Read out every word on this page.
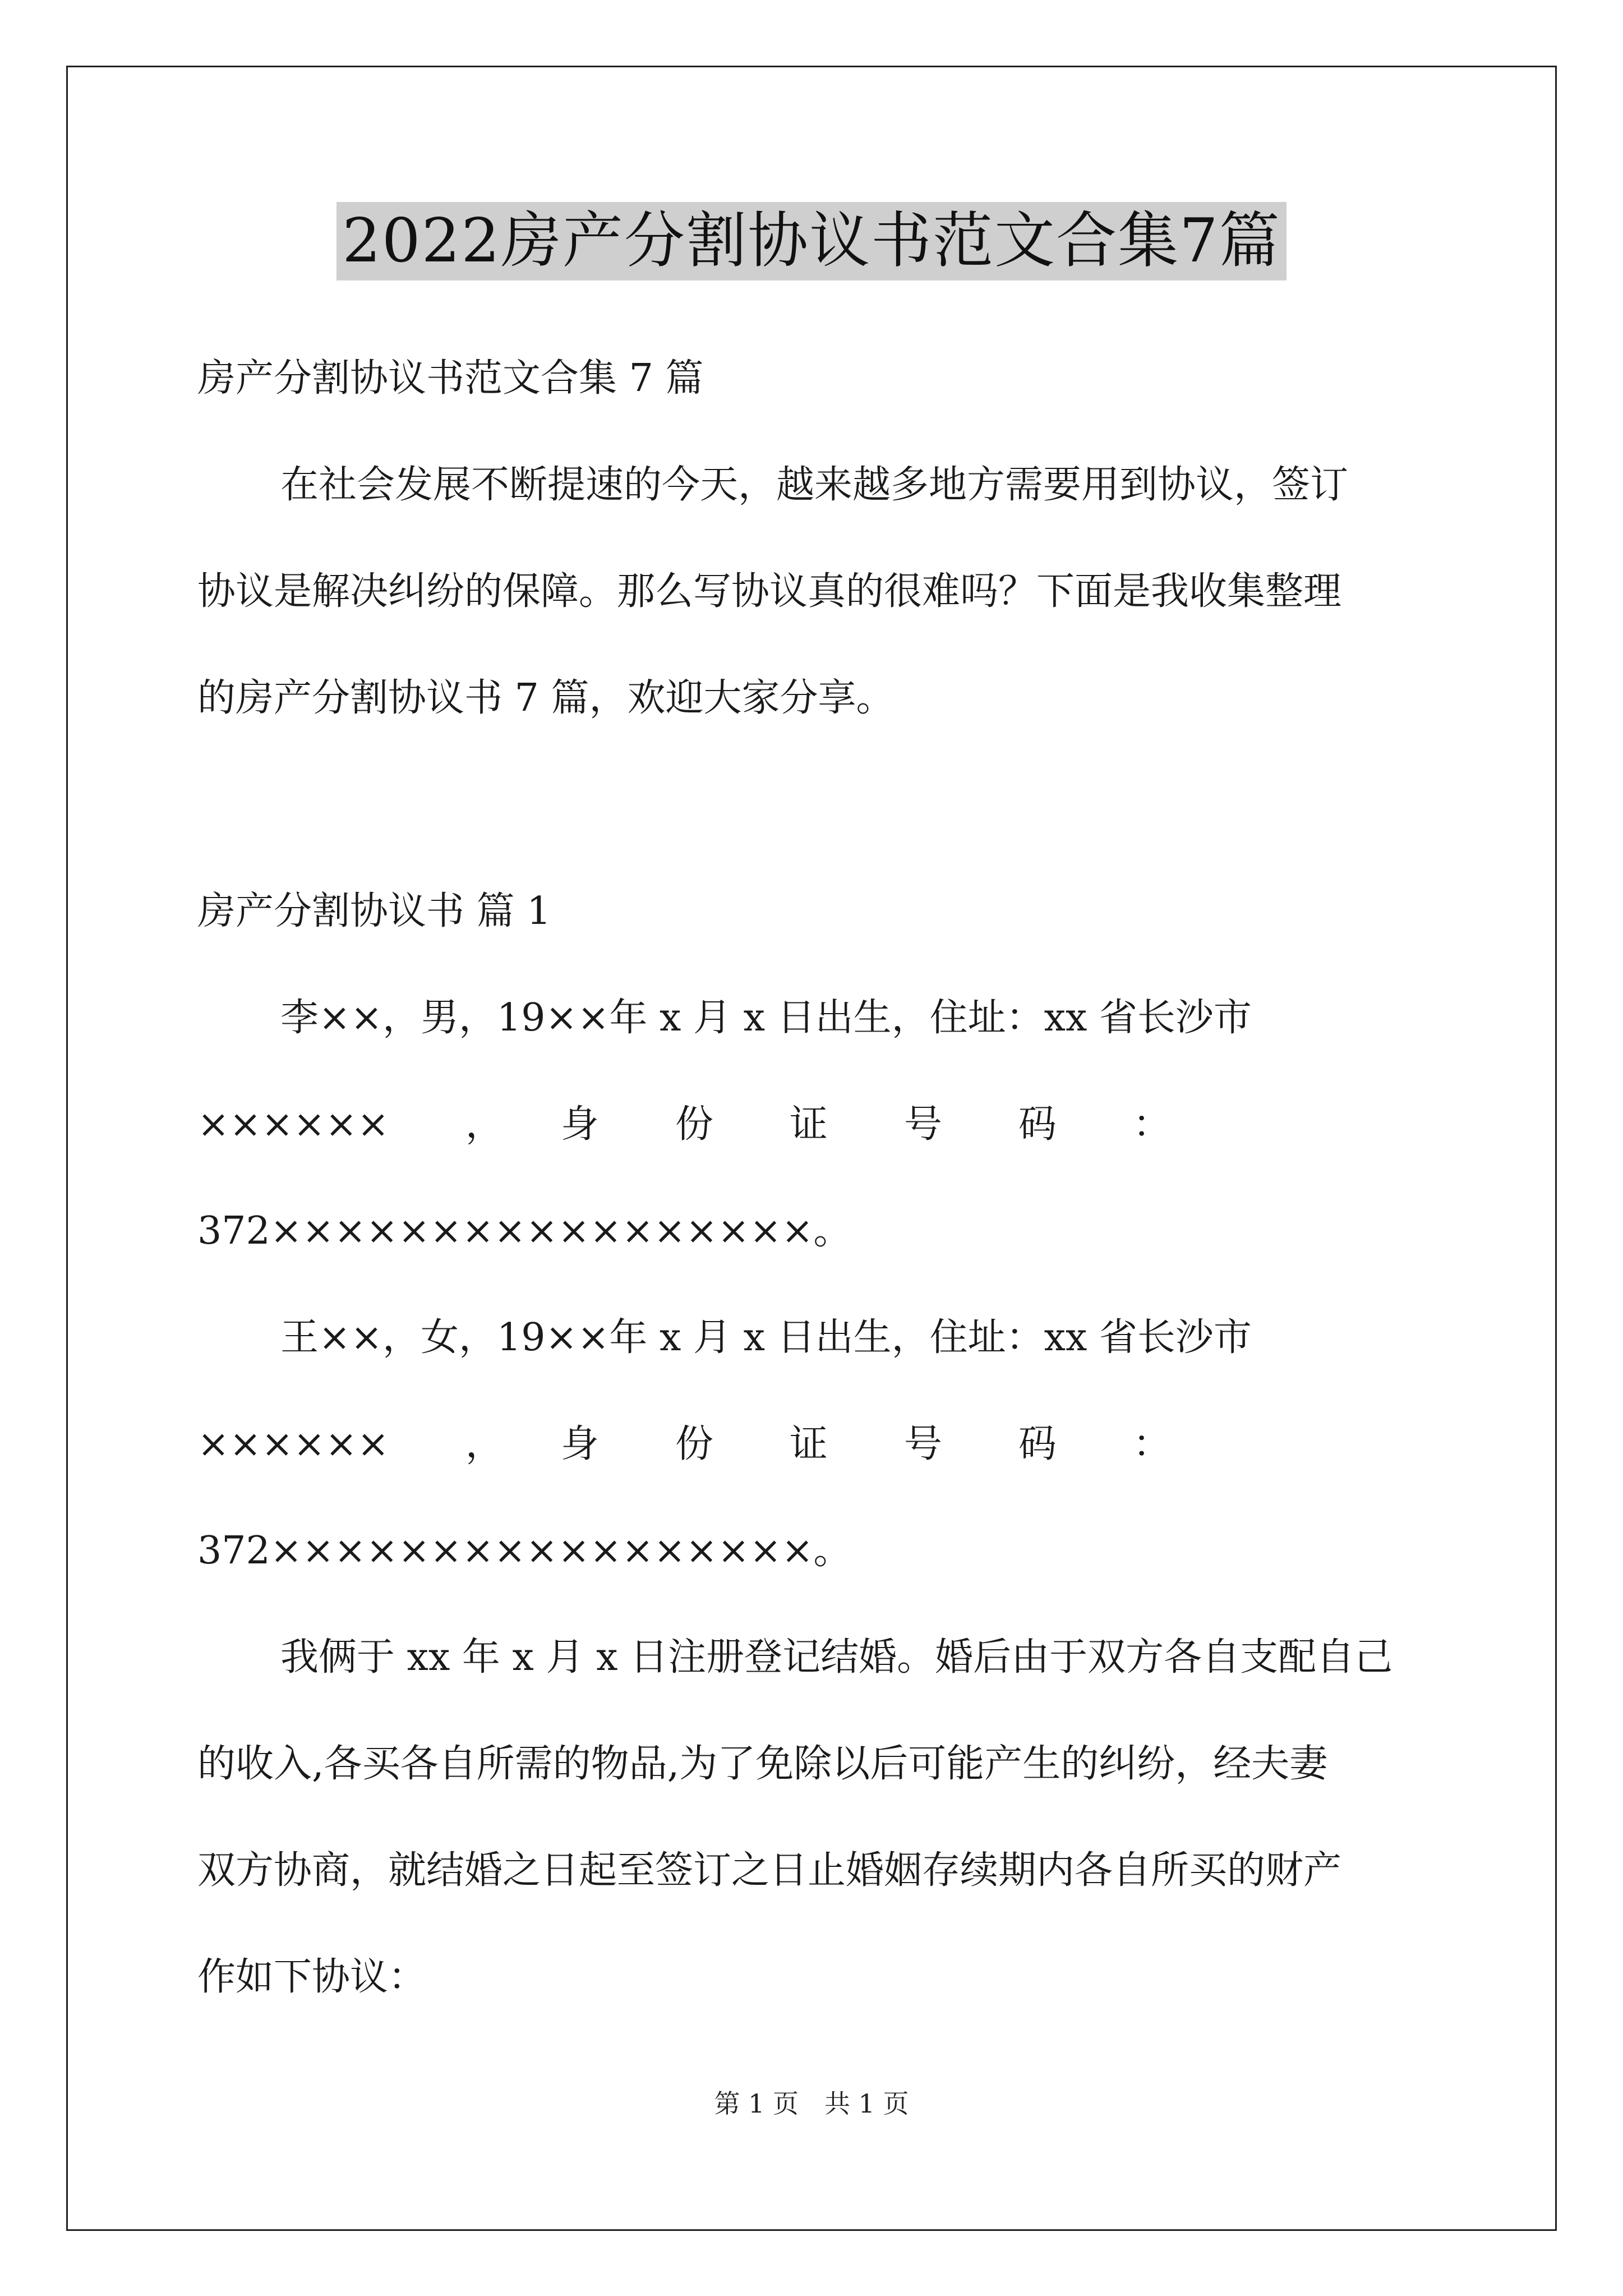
2022房产分割协议书范文合集7篇
房产分割协议书范文合集 7 篇
在社会发展不断提速的今天，越来越多地方需要用到协议，签订
协议是解决纠纷的保障。那么写协议真的很难吗？下面是我收集整理
的房产分割协议书 7 篇，欢迎大家分享。
房产分割协议书 篇 1
李××，男，19××年 x 月 x 日出生，住址：xx 省长沙市
××××××　　，　　身　　份　　证　　号　　码　　：
372×××××××××××××××××。
王××，女，19××年 x 月 x 日出生，住址：xx 省长沙市
××××××　　，　　身　　份　　证　　号　　码　　：
372×××××××××××××××××。
我俩于 xx 年 x 月 x 日注册登记结婚。婚后由于双方各自支配自己
的收入,各买各自所需的物品,为了免除以后可能产生的纠纷，经夫妻
双方协商，就结婚之日起至签订之日止婚姻存续期内各自所买的财产
作如下协议：
第 1 页　共 1 页
